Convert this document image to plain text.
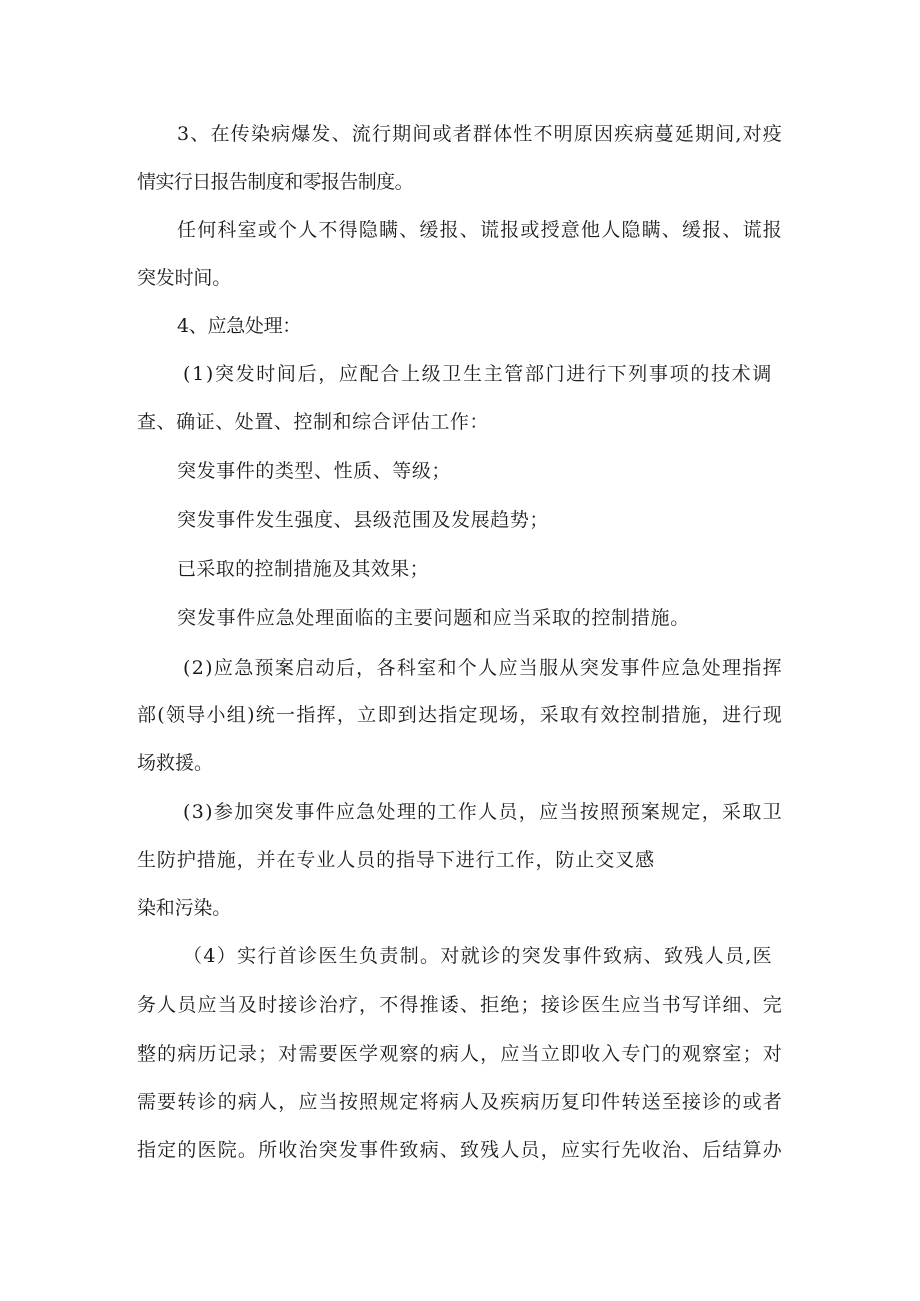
3、在传染病爆发、流行期间或者群体性不明原因疾病蔓延期间,对疫
情实行日报告制度和零报告制度。
任何科室或个人不得隐瞒、缓报、谎报或授意他人隐瞒、缓报、谎报
突发时间。
4、应急处理：
(1)突发时间后，应配合上级卫生主管部门进行下列事项的技术调
查、确证、处置、控制和综合评估工作：
突发事件的类型、性质、等级；
突发事件发生强度、县级范围及发展趋势；
已采取的控制措施及其效果；
突发事件应急处理面临的主要问题和应当采取的控制措施。
(2)应急预案启动后，各科室和个人应当服从突发事件应急处理指挥
部(领导小组)统一指挥，立即到达指定现场，采取有效控制措施，进行现
场救援。
(3)参加突发事件应急处理的工作人员，应当按照预案规定，采取卫
生防护措施，并在专业人员的指导下进行工作，防止交叉感
染和污染。
（4）实行首诊医生负责制。对就诊的突发事件致病、致残人员,医
务人员应当及时接诊治疗，不得推诿、拒绝；接诊医生应当书写详细、完
整的病历记录；对需要医学观察的病人，应当立即收入专门的观察室；对
需要转诊的病人，应当按照规定将病人及疾病历复印件转送至接诊的或者
指定的医院。所收治突发事件致病、致残人员，应实行先收治、后结算办
